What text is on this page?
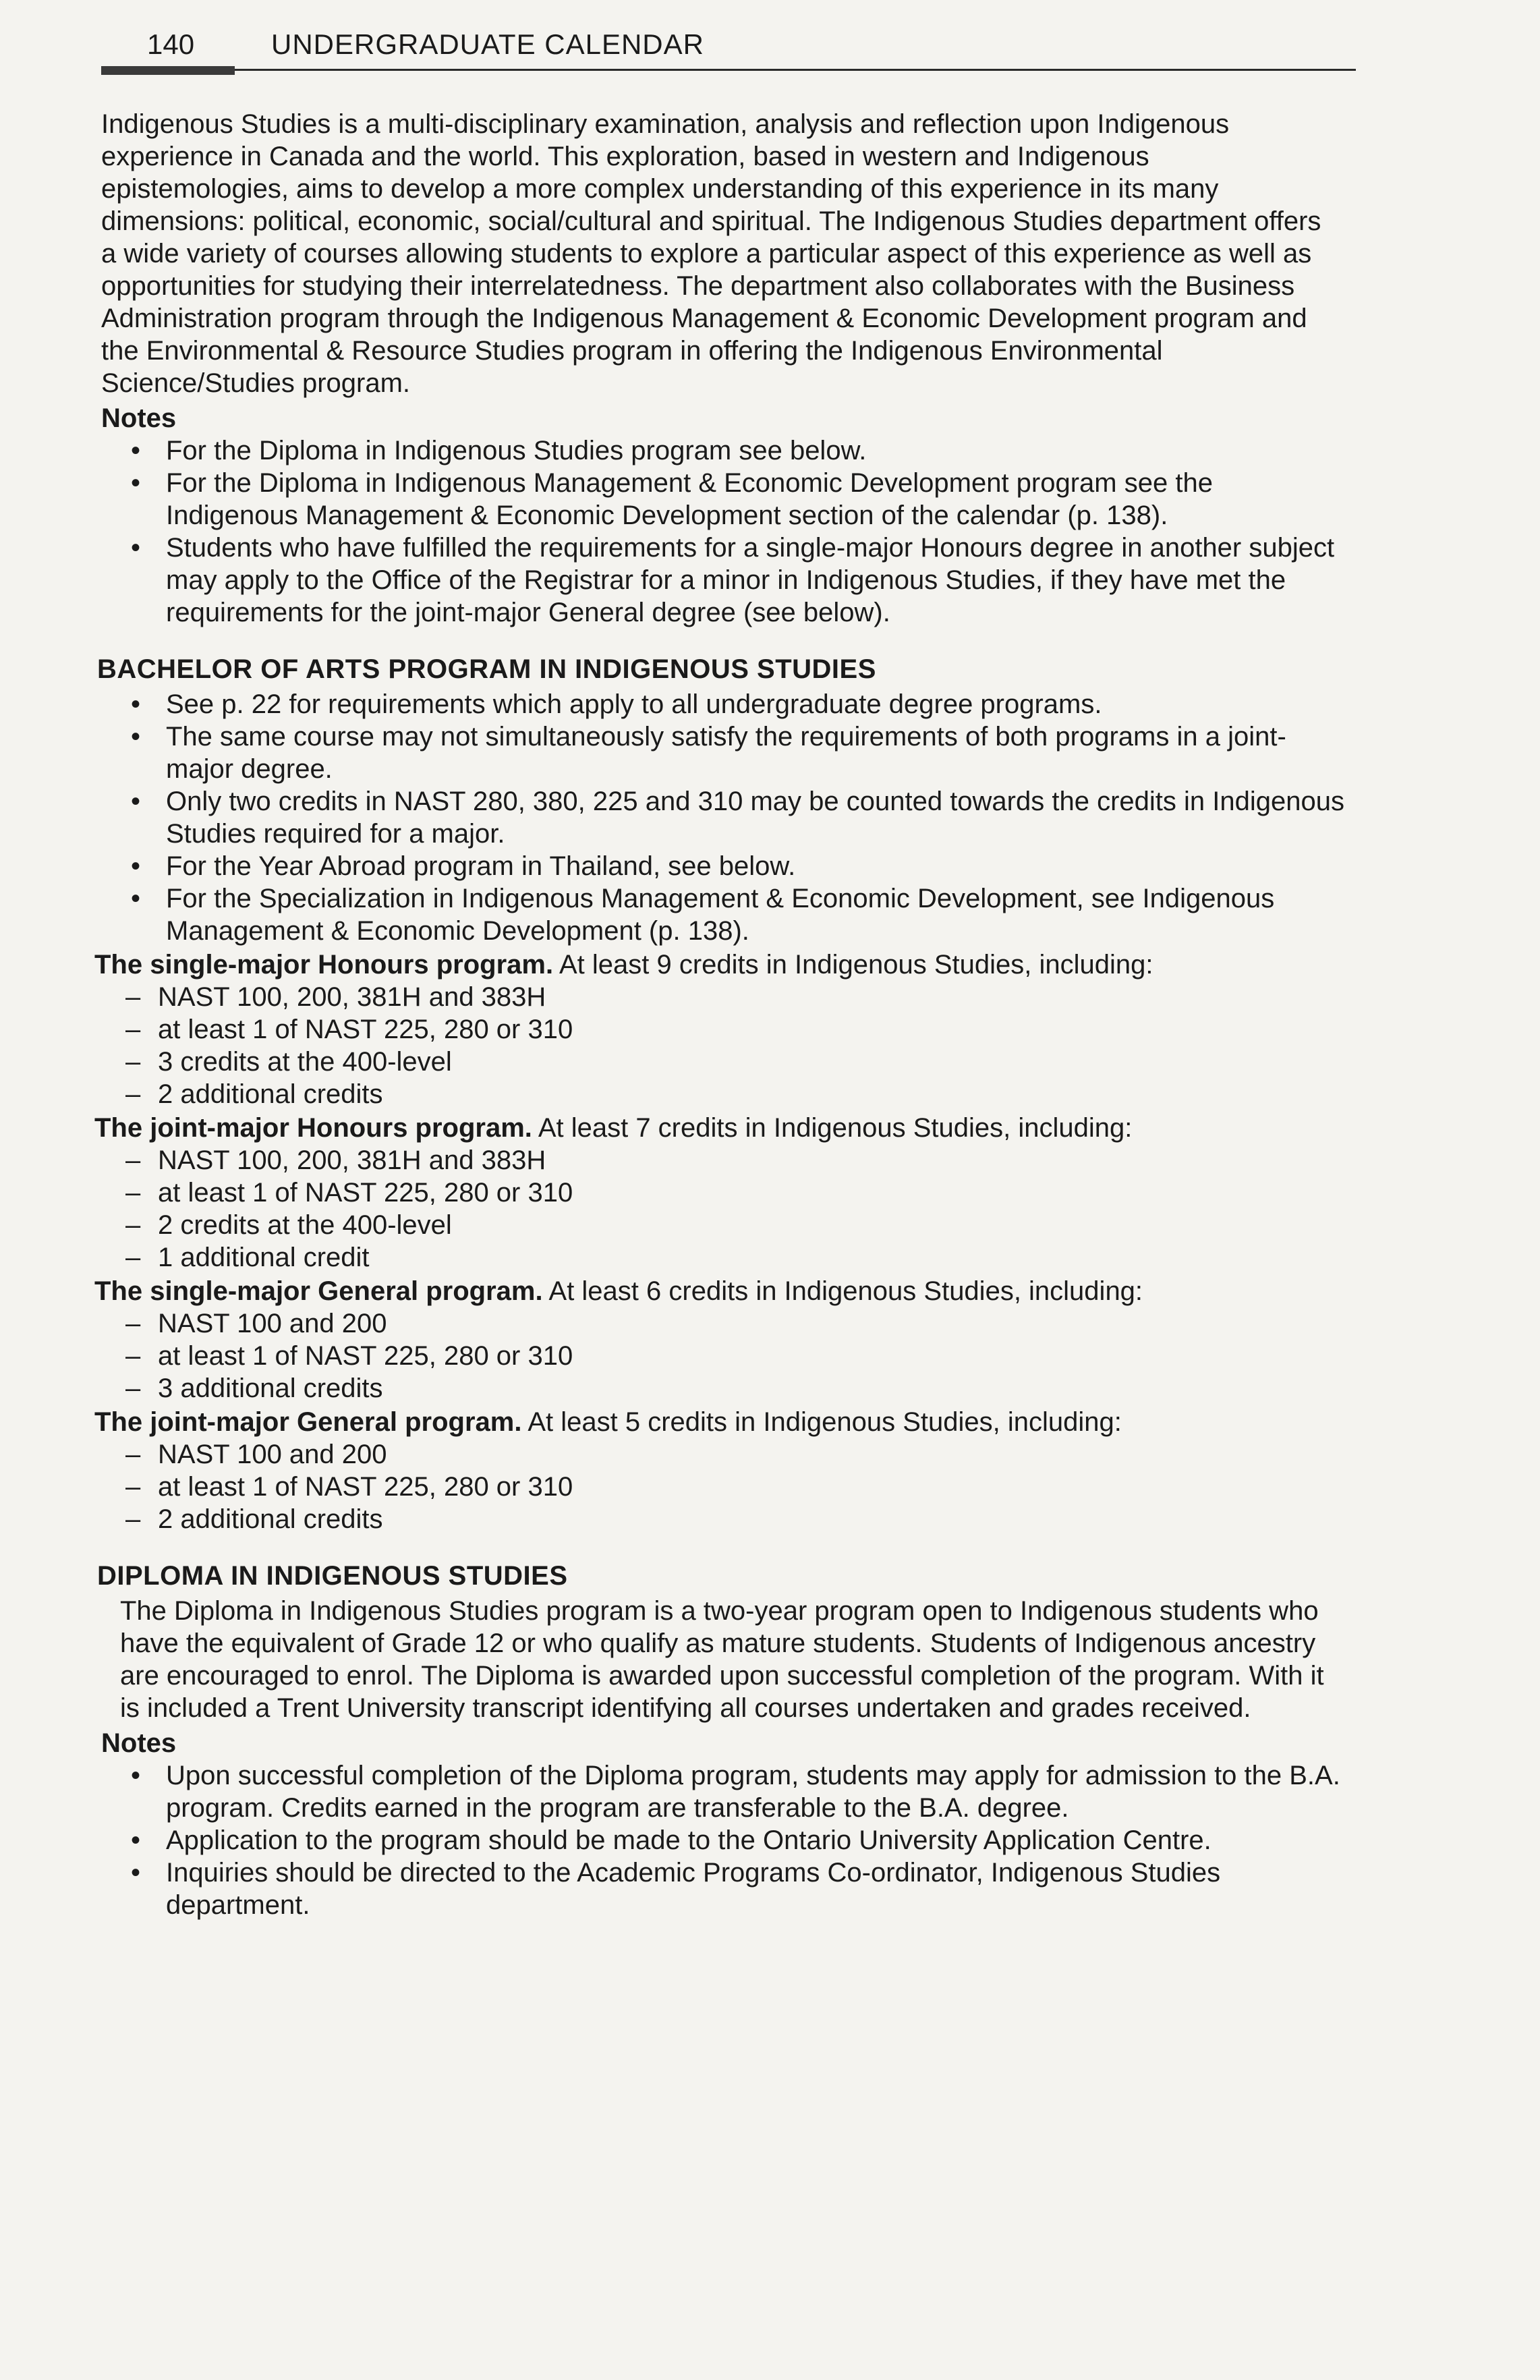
140	UNDERGRADUATE CALENDAR

Indigenous Studies is a multi-disciplinary examination, analysis and reflection upon Indigenous experience in Canada and the world. This exploration, based in western and Indigenous epistemologies, aims to develop a more complex understanding of this experience in its many dimensions: political, economic, social/cultural and spiritual. The Indigenous Studies department offers a wide variety of courses allowing students to explore a particular aspect of this experience as well as opportunities for studying their interrelatedness. The department also collaborates with the Business Administration program through the Indigenous Management & Economic Development program and the Environmental & Resource Studies program in offering the Indigenous Environmental Science/Studies program.

Notes
• For the Diploma in Indigenous Studies program see below.
• For the Diploma in Indigenous Management & Economic Development program see the Indigenous Management & Economic Development section of the calendar (p. 138).
• Students who have fulfilled the requirements for a single-major Honours degree in another subject may apply to the Office of the Registrar for a minor in Indigenous Studies, if they have met the requirements for the joint-major General degree (see below).
BACHELOR OF ARTS PROGRAM IN INDIGENOUS STUDIES
• See p. 22 for requirements which apply to all undergraduate degree programs.
• The same course may not simultaneously satisfy the requirements of both programs in a joint-major degree.
• Only two credits in NAST 280, 380, 225 and 310 may be counted towards the credits in Indigenous Studies required for a major.
• For the Year Abroad program in Thailand, see below.
• For the Specialization in Indigenous Management & Economic Development, see Indigenous Management & Economic Development (p. 138).

The single-major Honours program. At least 9 credits in Indigenous Studies, including:

– NAST 100, 200, 381H and 383H
– at least 1 of NAST 225, 280 or 310
– 3 credits at the 400-level
– 2 additional credits

The joint-major Honours program. At least 7 credits in Indigenous Studies, including:

– NAST 100, 200, 381H and 383H
– at least 1 of NAST 225, 280 or 310
– 2 credits at the 400-level
– 1 additional credit

The single-major General program. At least 6 credits in Indigenous Studies, including:

– NAST 100 and 200
– at least 1 of NAST 225, 280 or 310
– 3 additional credits

The joint-major General program. At least 5 credits in Indigenous Studies, including:

– NAST 100 and 200
– at least 1 of NAST 225, 280 or 310
– 2 additional credits
DIPLOMA IN INDIGENOUS STUDIES

The Diploma in Indigenous Studies program is a two-year program open to Indigenous students who have the equivalent of Grade 12 or who qualify as mature students. Students of Indigenous ancestry are encouraged to enrol. The Diploma is awarded upon successful completion of the program. With it is included a Trent University transcript identifying all courses undertaken and grades received.

Notes
• Upon successful completion of the Diploma program, students may apply for admission to the B.A. program. Credits earned in the program are transferable to the B.A. degree.
• Application to the program should be made to the Ontario University Application Centre.
• Inquiries should be directed to the Academic Programs Co-ordinator, Indigenous Studies department.
